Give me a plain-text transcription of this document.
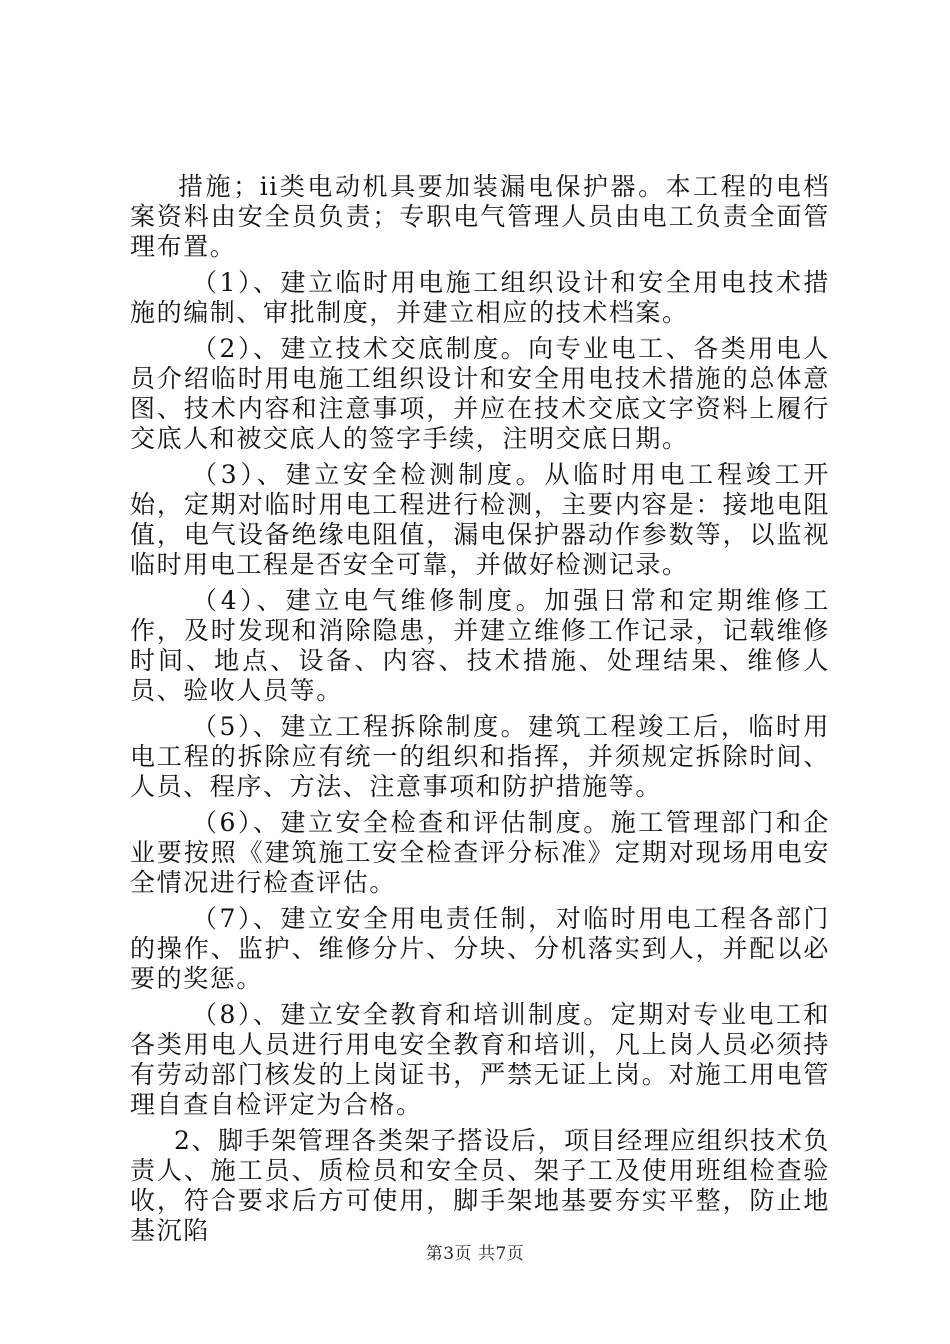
措施；ii类电动机具要加装漏电保护器。本工程的电档案资料由安全员负责；专职电气管理人员由电工负责全面管理布置。

（1）、建立临时用电施工组织设计和安全用电技术措施的编制、审批制度，并建立相应的技术档案。

（2）、建立技术交底制度。向专业电工、各类用电人员介绍临时用电施工组织设计和安全用电技术措施的总体意图、技术内容和注意事项，并应在技术交底文字资料上履行交底人和被交底人的签字手续，注明交底日期。

（3）、建立安全检测制度。从临时用电工程竣工开始，定期对临时用电工程进行检测，主要内容是：接地电阻值，电气设备绝缘电阻值，漏电保护器动作参数等，以监视临时用电工程是否安全可靠，并做好检测记录。

（4）、建立电气维修制度。加强日常和定期维修工作，及时发现和消除隐患，并建立维修工作记录，记载维修时间、地点、设备、内容、技术措施、处理结果、维修人员、验收人员等。

（5）、建立工程拆除制度。建筑工程竣工后，临时用电工程的拆除应有统一的组织和指挥，并须规定拆除时间、人员、程序、方法、注意事项和防护措施等。

（6）、建立安全检查和评估制度。施工管理部门和企业要按照《建筑施工安全检查评分标准》定期对现场用电安全情况进行检查评估。

（7）、建立安全用电责任制，对临时用电工程各部门的操作、监护、维修分片、分块、分机落实到人，并配以必要的奖惩。

（8）、建立安全教育和培训制度。定期对专业电工和各类用电人员进行用电安全教育和培训，凡上岗人员必须持有劳动部门核发的上岗证书，严禁无证上岗。对施工用电管理自查自检评定为合格。

2、脚手架管理各类架子搭设后，项目经理应组织技术负责人、施工员、质检员和安全员、架子工及使用班组检查验收，符合要求后方可使用，脚手架地基要夯实平整，防止地基沉陷

第3页 共7页
